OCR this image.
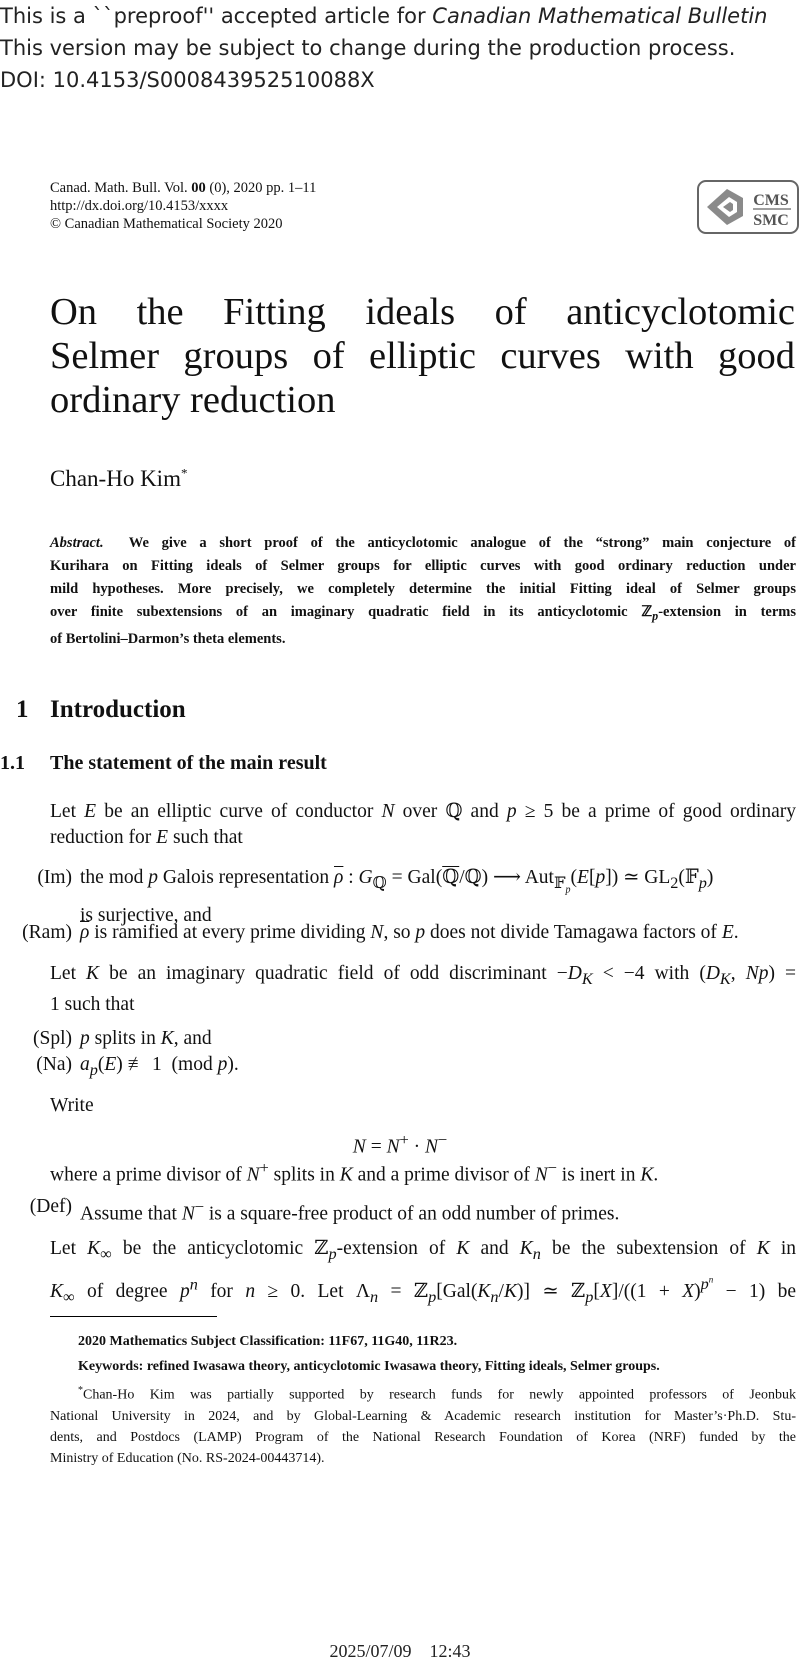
This is a ``preproof'' accepted article for Canadian Mathematical Bulletin
This version may be subject to change during the production process.
DOI: 10.4153/S000843952510088X
Canad. Math. Bull. Vol. 00 (0), 2020 pp. 1–11
http://dx.doi.org/10.4153/xxxx
© Canadian Mathematical Society 2020
CMS
SMC
On the Fitting ideals of anticyclotomic
Selmer groups of elliptic curves with good
ordinary reduction
Chan-Ho Kim*
Abstract. We give a short proof of the anticyclotomic analogue of the “strong” main conjecture of
Kurihara on Fitting ideals of Selmer groups for elliptic curves with good ordinary reduction under
mild hypotheses. More precisely, we completely determine the initial Fitting ideal of Selmer groups
over finite subextensions of an imaginary quadratic field in its anticyclotomic ℤ$_p$-extension in terms
of Bertolini–Darmon’s theta elements.
1 Introduction
1.1 The statement of the main result
Let E be an elliptic curve of conductor N over ℚ and p ≥ 5 be a prime of good ordinary
reduction for E such that
(Im) the mod p Galois representation $\overline{\rho}$ : $G_ℚ$ = Gal(ℚ/ℚ) ⟶ Aut$_{𝔽_p}$(E[p]) ≃ $GL_2(𝔽_p)$
is surjective, and
(Ram) $\overline{\rho}$ is ramified at every prime dividing N, so p does not divide Tamagawa factors of E.
Let K be an imaginary quadratic field of odd discriminant $-D_K < -4$ with ($D_K$, Np) =
1 such that
(Spl) p splits in K, and
(Na) $a_p(E)$ ≢ 1  (mod p).
Write
N = N+ · N−
where a prime divisor of N+ splits in K and a prime divisor of N− is inert in K.
(Def) Assume that N− is a square-free product of an odd number of primes.
Let $K_\infty$ be the anticyclotomic ℤ$_p$-extension of K and $K_n$ be the subextension of K in
$K_\infty$ of degree $p^n$ for n ≥ 0. Let $\Lambda_n$ = $ℤ_p[Gal(K_n/K)]$ ≃ ℤ$_p$[X]/((1 + X)$^{p^n}$ − 1) be
2020 Mathematics Subject Classification: 11F67, 11G40, 11R23.
Keywords: refined Iwasawa theory, anticyclotomic Iwasawa theory, Fitting ideals, Selmer groups.
*Chan-Ho Kim was partially supported by research funds for newly appointed professors of Jeonbuk
National University in 2024, and by Global-Learning & Academic research institution for Master’s·Ph.D. Stu-
dents, and Postdocs (LAMP) Program of the National Research Foundation of Korea (NRF) funded by the
Ministry of Education (No. RS-2024-00443714).
2025/07/09 12:43
